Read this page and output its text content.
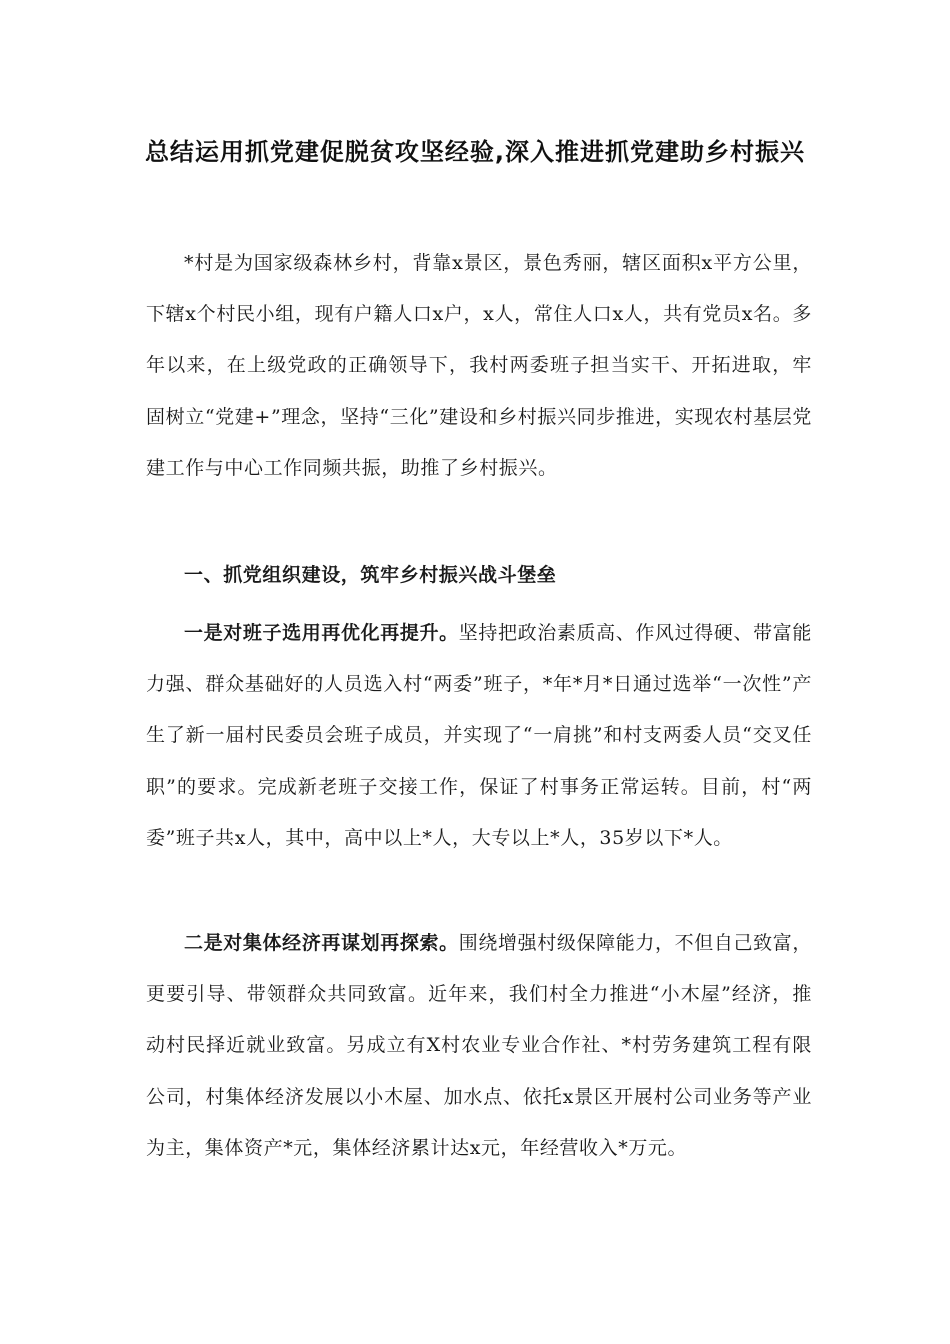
总结运用抓党建促脱贫攻坚经验,深入推进抓党建助乡村振兴

*村是为国家级森林乡村，背靠x景区，景色秀丽，辖区面积x平方公里，下辖x个村民小组，现有户籍人口x户，x人，常住人口x人，共有党员x名。多年以来，在上级党政的正确领导下，我村两委班子担当实干、开拓进取，牢固树立“党建+”理念，坚持“三化”建设和乡村振兴同步推进，实现农村基层党建工作与中心工作同频共振，助推了乡村振兴。

一、抓党组织建设，筑牢乡村振兴战斗堡垒

一是对班子选用再优化再提升。坚持把政治素质高、作风过得硬、带富能力强、群众基础好的人员选入村“两委”班子，*年*月*日通过选举“一次性”产生了新一届村民委员会班子成员，并实现了“一肩挑”和村支两委人员“交叉任职”的要求。完成新老班子交接工作，保证了村事务正常运转。目前，村“两委”班子共x人，其中，高中以上*人，大专以上*人，35岁以下*人。

二是对集体经济再谋划再探索。围绕增强村级保障能力，不但自己致富，更要引导、带领群众共同致富。近年来，我们村全力推进“小木屋”经济，推动村民择近就业致富。另成立有X村农业专业合作社、*村劳务建筑工程有限公司，村集体经济发展以小木屋、加水点、依托x景区开展村公司业务等产业为主，集体资产*元，集体经济累计达x元，年经营收入*万元。
